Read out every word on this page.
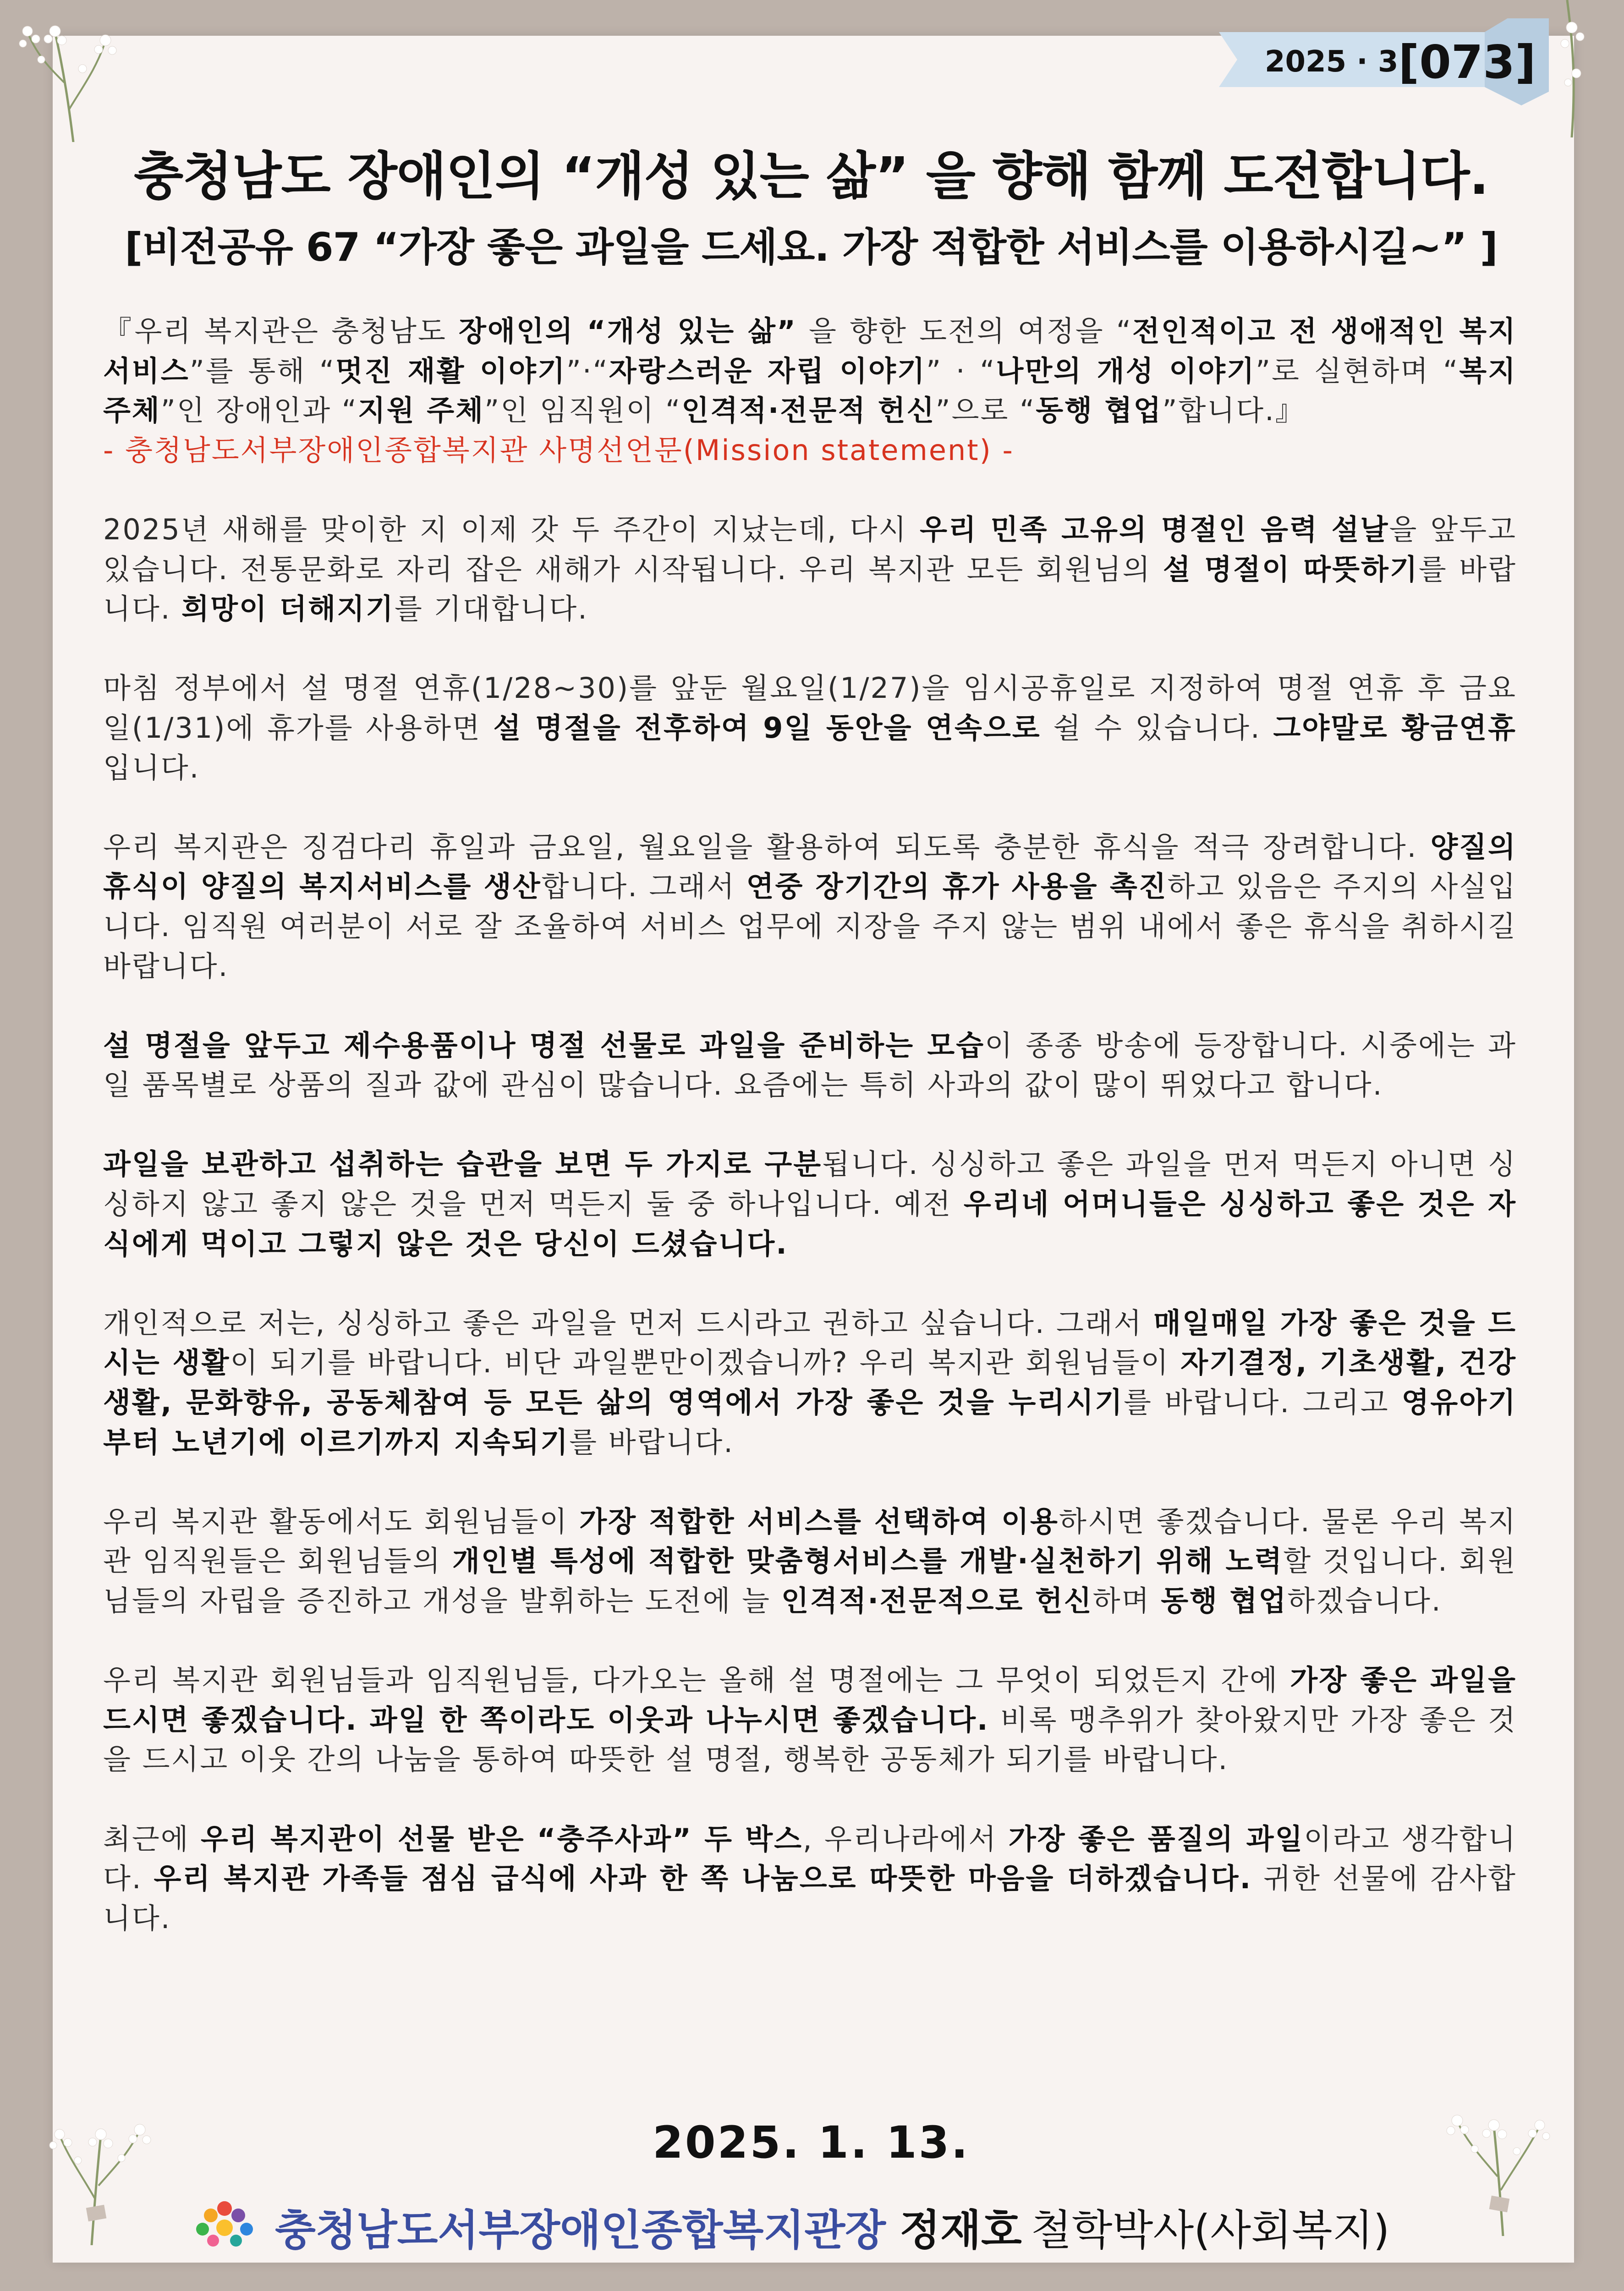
2025 · 3 [073]
충청남도 장애인의 “개성 있는 삶” 을 향해 함께 도전합니다.
[비전공유 67 “가장 좋은 과일을 드세요. 가장 적합한 서비스를 이용하시길~” ]

『우리 복지관은 충청남도 장애인의 “개성 있는 삶” 을 향한 도전의 여정을 “전인적이고 전 생애적인 복지서비스”를 통해 “멋진 재활 이야기”·“자랑스러운 자립 이야기” · “나만의 개성 이야기”로 실현하며 “복지 주체”인 장애인과 “지원 주체”인 임직원이 “인격적·전문적 헌신”으로 “동행 협업”합니다.』

- 충청남도서부장애인종합복지관 사명선언문(Mission statement) -

2025년 새해를 맞이한 지 이제 갓 두 주간이 지났는데, 다시 우리 민족 고유의 명절인 음력 설날을 앞두고 있습니다. 전통문화로 자리 잡은 새해가 시작됩니다. 우리 복지관 모든 회원님의 설 명절이 따뜻하기를 바랍니다. 희망이 더해지기를 기대합니다.

마침 정부에서 설 명절 연휴(1/28~30)를 앞둔 월요일(1/27)을 임시공휴일로 지정하여 명절 연휴 후 금요일(1/31)에 휴가를 사용하면 설 명절을 전후하여 9일 동안을 연속으로 쉴 수 있습니다. 그야말로 황금연휴입니다.

우리 복지관은 징검다리 휴일과 금요일, 월요일을 활용하여 되도록 충분한 휴식을 적극 장려합니다. 양질의 휴식이 양질의 복지서비스를 생산합니다. 그래서 연중 장기간의 휴가 사용을 촉진하고 있음은 주지의 사실입니다. 임직원 여러분이 서로 잘 조율하여 서비스 업무에 지장을 주지 않는 범위 내에서 좋은 휴식을 취하시길 바랍니다.

설 명절을 앞두고 제수용품이나 명절 선물로 과일을 준비하는 모습이 종종 방송에 등장합니다. 시중에는 과일 품목별로 상품의 질과 값에 관심이 많습니다. 요즘에는 특히 사과의 값이 많이 뛰었다고 합니다.

과일을 보관하고 섭취하는 습관을 보면 두 가지로 구분됩니다. 싱싱하고 좋은 과일을 먼저 먹든지 아니면 싱싱하지 않고 좋지 않은 것을 먼저 먹든지 둘 중 하나입니다. 예전 우리네 어머니들은 싱싱하고 좋은 것은 자식에게 먹이고 그렇지 않은 것은 당신이 드셨습니다.

개인적으로 저는, 싱싱하고 좋은 과일을 먼저 드시라고 권하고 싶습니다. 그래서 매일매일 가장 좋은 것을 드시는 생활이 되기를 바랍니다. 비단 과일뿐만이겠습니까? 우리 복지관 회원님들이 자기결정, 기초생활, 건강생활, 문화향유, 공동체참여 등 모든 삶의 영역에서 가장 좋은 것을 누리시기를 바랍니다. 그리고 영유아기부터 노년기에 이르기까지 지속되기를 바랍니다.

우리 복지관 활동에서도 회원님들이 가장 적합한 서비스를 선택하여 이용하시면 좋겠습니다. 물론 우리 복지관 임직원들은 회원님들의 개인별 특성에 적합한 맞춤형서비스를 개발·실천하기 위해 노력할 것입니다. 회원님들의 자립을 증진하고 개성을 발휘하는 도전에 늘 인격적·전문적으로 헌신하며 동행 협업하겠습니다.

우리 복지관 회원님들과 임직원님들, 다가오는 올해 설 명절에는 그 무엇이 되었든지 간에 가장 좋은 과일을 드시면 좋겠습니다. 과일 한 쪽이라도 이웃과 나누시면 좋겠습니다. 비록 맹추위가 찾아왔지만 가장 좋은 것을 드시고 이웃 간의 나눔을 통하여 따뜻한 설 명절, 행복한 공동체가 되기를 바랍니다.

최근에 우리 복지관이 선물 받은 “충주사과” 두 박스, 우리나라에서 가장 좋은 품질의 과일이라고 생각합니다. 우리 복지관 가족들 점심 급식에 사과 한 쪽 나눔으로 따뜻한 마음을 더하겠습니다. 귀한 선물에 감사합니다.

2025. 1. 13.
충청남도서부장애인종합복지관장 정재호 철학박사(사회복지)
